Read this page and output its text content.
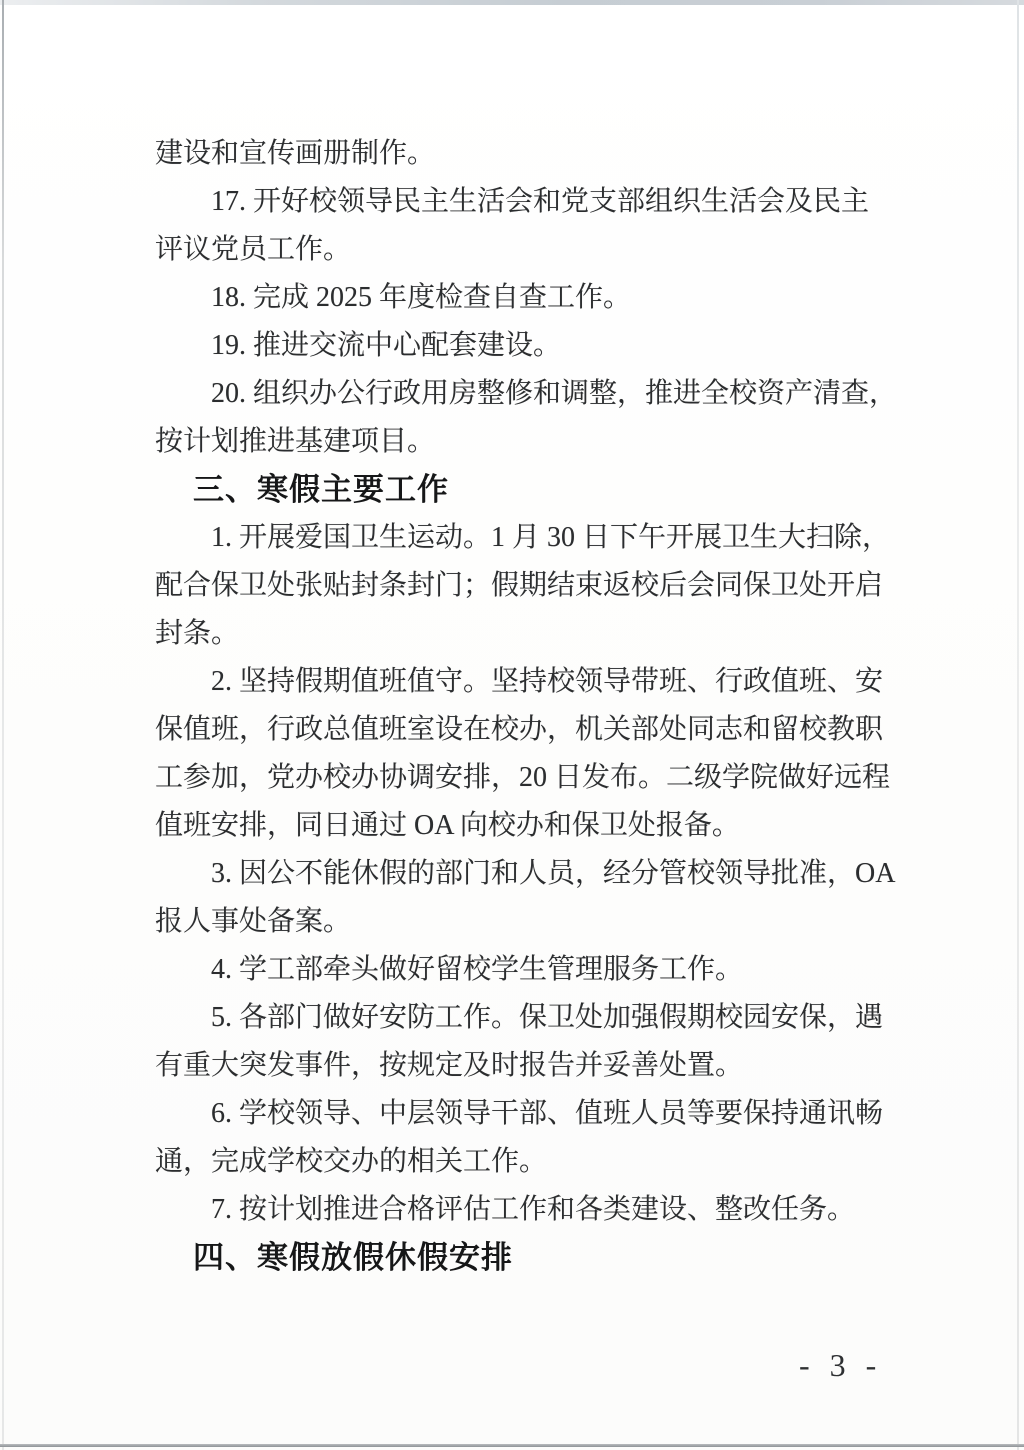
建设和宣传画册制作。
17. 开好校领导民主生活会和党支部组织生活会及民主
评议党员工作。
18. 完成 2025 年度检查自查工作。
19. 推进交流中心配套建设。
20. 组织办公行政用房整修和调整，推进全校资产清查，
按计划推进基建项目。
三、寒假主要工作
1. 开展爱国卫生运动。1 月 30 日下午开展卫生大扫除，
配合保卫处张贴封条封门；假期结束返校后会同保卫处开启
封条。
2. 坚持假期值班值守。坚持校领导带班、行政值班、安
保值班，行政总值班室设在校办，机关部处同志和留校教职
工参加，党办校办协调安排，20 日发布。二级学院做好远程
值班安排，同日通过 OA 向校办和保卫处报备。
3. 因公不能休假的部门和人员，经分管校领导批准，OA
报人事处备案。
4. 学工部牵头做好留校学生管理服务工作。
5. 各部门做好安防工作。保卫处加强假期校园安保，遇
有重大突发事件，按规定及时报告并妥善处置。
6. 学校领导、中层领导干部、值班人员等要保持通讯畅
通，完成学校交办的相关工作。
7. 按计划推进合格评估工作和各类建设、整改任务。
四、寒假放假休假安排
- 3 -
